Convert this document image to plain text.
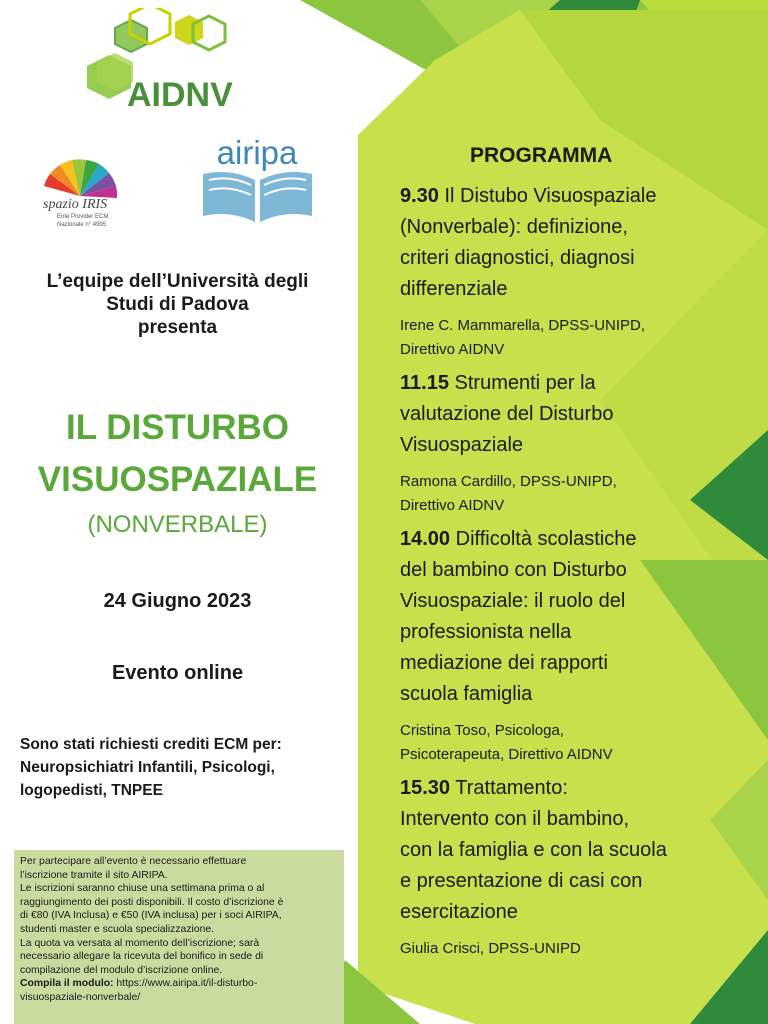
AIDNV
spazio IRIS
Ente Provider ECM
Nazionale n° 4995
airipa
L’equipe dell’Università degli
Studi di Padova
presenta
IL DISTURBO
VISUOSPAZIALE
(NONVERBALE)
24 Giugno 2023
Evento online
Sono stati richiesti crediti ECM per:
Neuropsichiatri Infantili, Psicologi,
logopedisti, TNPEE
Per partecipare all’evento è necessario effettuare
l’iscrizione tramite il sito AIRIPA.
Le iscrizioni saranno chiuse una settimana prima o al
raggiungimento dei posti disponibili. Il costo d’iscrizione è
di €80 (IVA Inclusa) e €50 (IVA inclusa) per i soci AIRIPA,
studenti master e scuola specializzazione.
La quota va versata al momento dell’iscrizione; sarà
necessario allegare la ricevuta del bonifico in sede di
compilazione del modulo d’iscrizione online.
Compila il modulo: https://www.airipa.it/il-disturbo-
visuospaziale-nonverbale/
PROGRAMMA
9.30 Il Distubo Visuospaziale
(Nonverbale): definizione,
criteri diagnostici, diagnosi
differenziale
Irene C. Mammarella, DPSS-UNIPD,
Direttivo AIDNV
11.15 Strumenti per la
valutazione del Disturbo
Visuospaziale
Ramona Cardillo, DPSS-UNIPD,
Direttivo AIDNV
14.00 Difficoltà scolastiche
del bambino con Disturbo
Visuospaziale: il ruolo del
professionista nella
mediazione dei rapporti
scuola famiglia
Cristina Toso, Psicologa,
Psicoterapeuta, Direttivo AIDNV
15.30 Trattamento:
Intervento con il bambino,
con la famiglia e con la scuola
e presentazione di casi con
esercitazione
Giulia Crisci, DPSS-UNIPD
